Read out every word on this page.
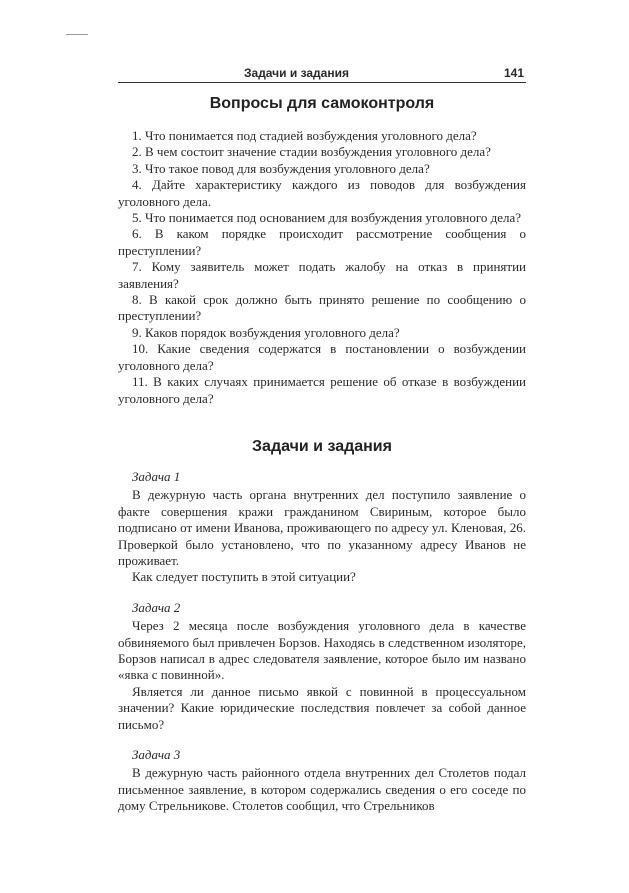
Задачи и задания	141
Вопросы для самоконтроля

1. Что понимается под стадией возбуждения уголовного дела?

2. В чем состоит значение стадии возбуждения уголовного дела?

3. Что такое повод для возбуждения уголовного дела?

4. Дайте характеристику каждого из поводов для возбуждения уголовного дела.

5. Что понимается под основанием для возбуждения уголовного дела?

6. В каком порядке происходит рассмотрение сообщения о преступлении?

7. Кому заявитель может подать жалобу на отказ в принятии заявления?

8. В какой срок должно быть принято решение по сообщению о преступлении?

9. Каков порядок возбуждения уголовного дела?

10. Какие сведения содержатся в постановлении о возбуждении уголовного дела?

11. В каких случаях принимается решение об отказе в возбуждении уголовного дела?

Задачи и задания

Задача 1

В дежурную часть органа внутренних дел поступило заявление о факте совершения кражи гражданином Свириным, которое было подписано от имени Иванова, проживающего по адресу ул. Кленовая, 26. Проверкой было установлено, что по указанному адресу Иванов не проживает.

Как следует поступить в этой ситуации?

Задача 2

Через 2 месяца после возбуждения уголовного дела в качестве обвиняемого был привлечен Борзов. Находясь в следственном изоляторе, Борзов написал в адрес следователя заявление, которое было им названо «явка с повинной».

Является ли данное письмо явкой с повинной в процессуальном значении? Какие юридические последствия повлечет за собой данное письмо?

Задача 3

В дежурную часть районного отдела внутренних дел Столетов подал письменное заявление, в котором содержались сведения о его соседе по дому Стрельникове. Столетов сообщил, что Стрельников
